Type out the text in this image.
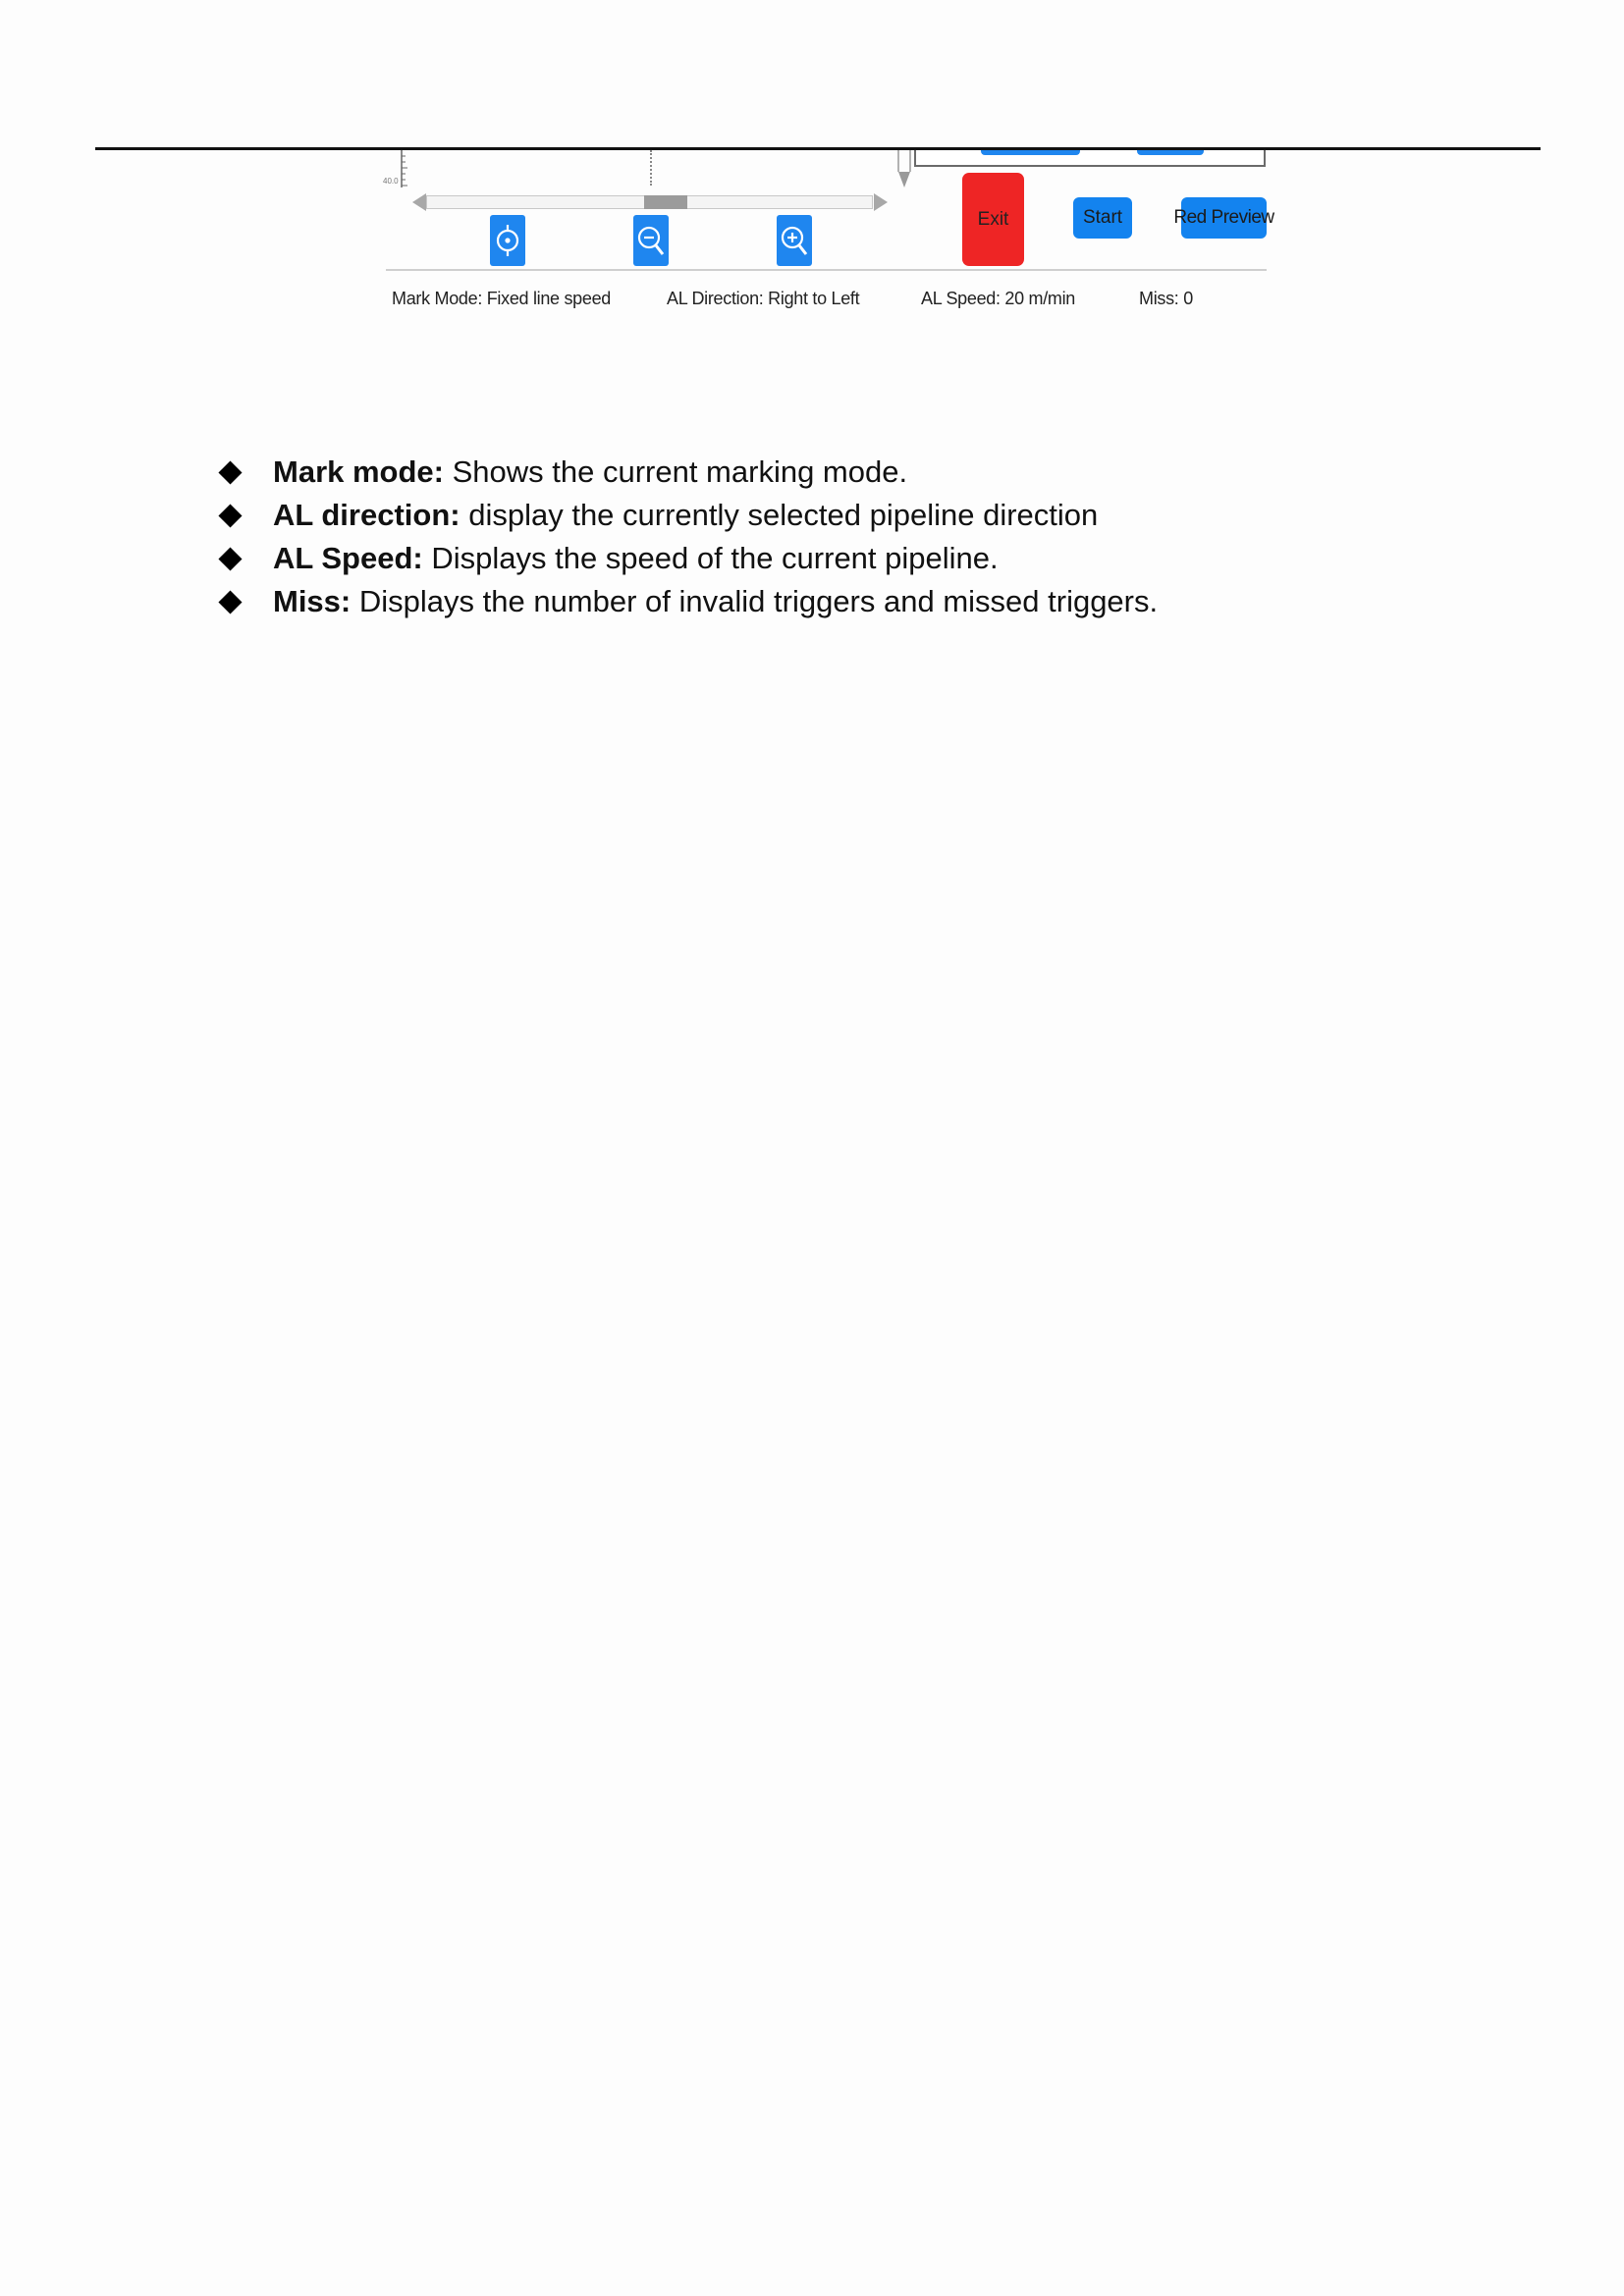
40.0
Exit	Start	Red Preview
Mark Mode: Fixed line speed	AL Direction: Right to Left	AL Speed: 20 m/min	Miss: 0
Mark mode: Shows the current marking mode.
AL direction: display the currently selected pipeline direction
AL Speed: Displays the speed of the current pipeline.
Miss: Displays the number of invalid triggers and missed triggers.
